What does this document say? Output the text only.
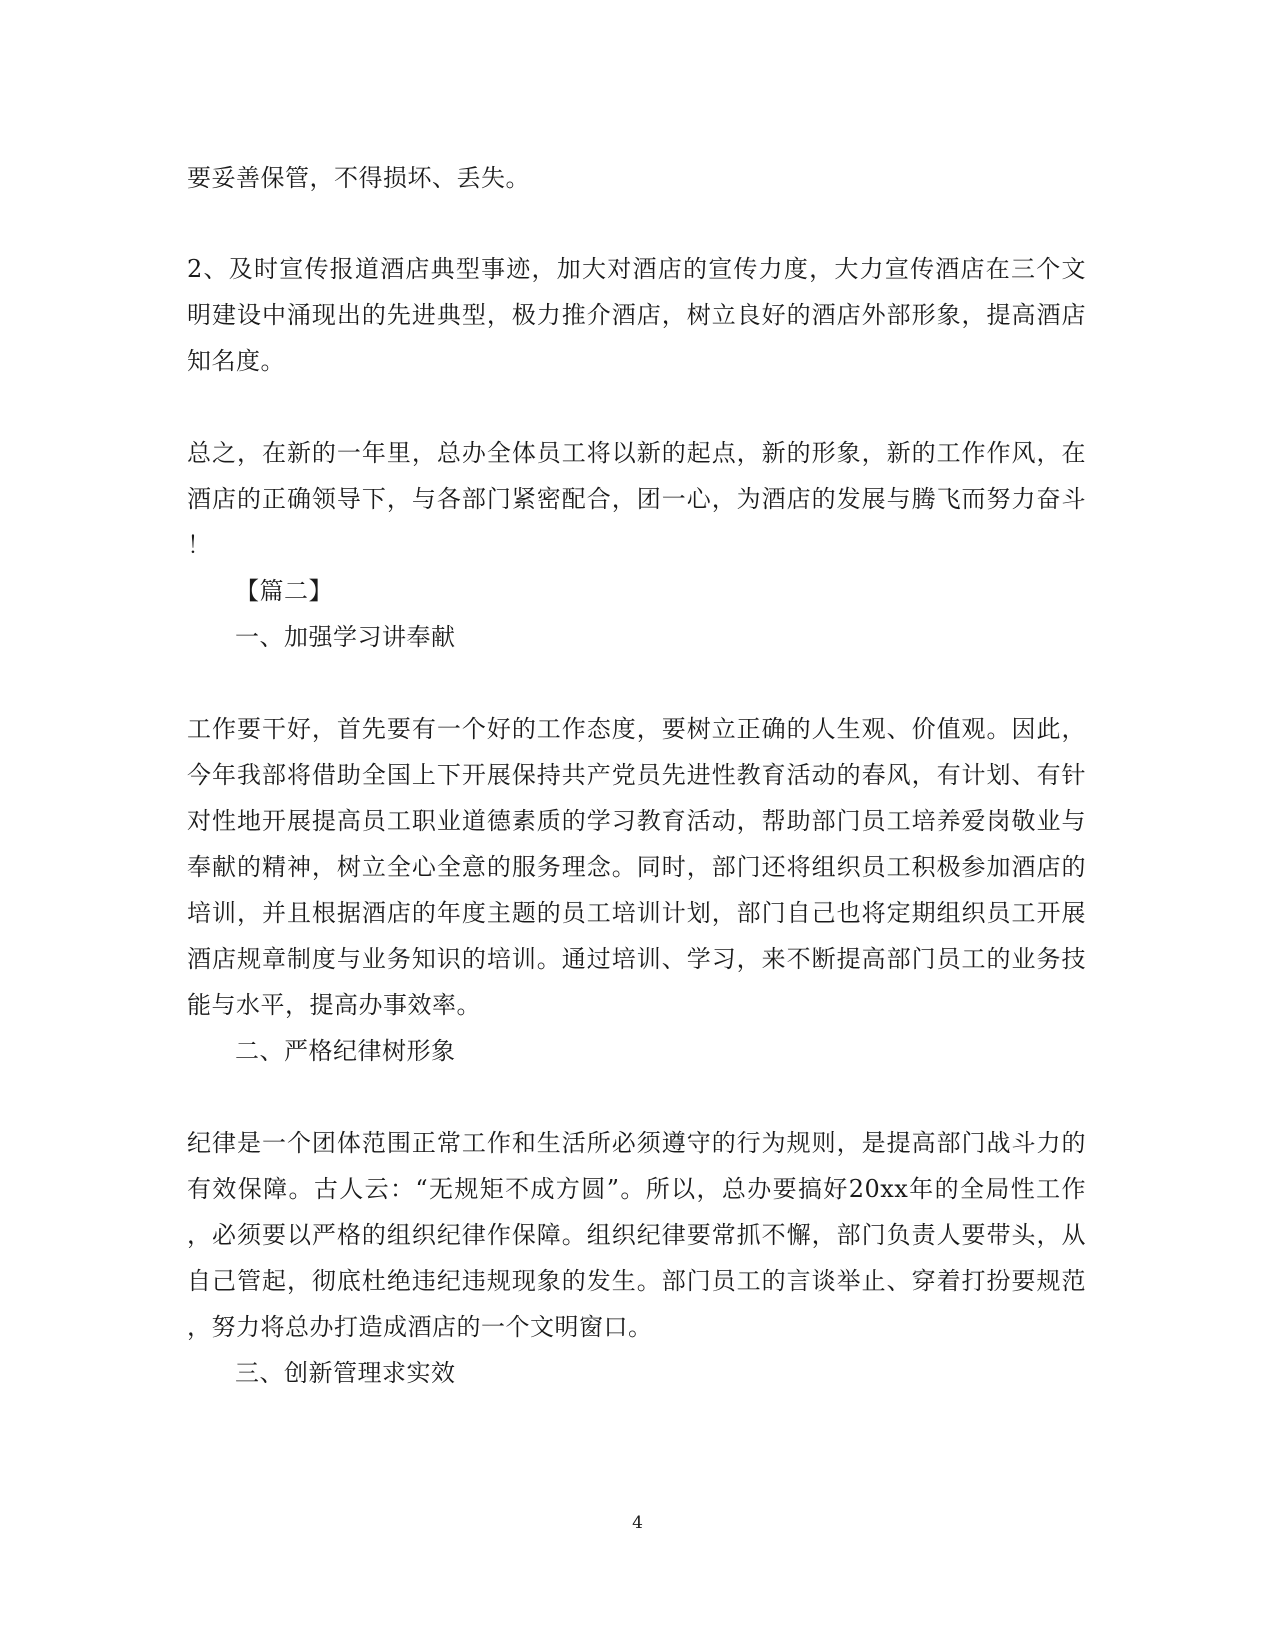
要妥善保管，不得损坏、丢失。
2、及时宣传报道酒店典型事迹，加大对酒店的宣传力度，大力宣传酒店在三个文
明建设中涌现出的先进典型，极力推介酒店，树立良好的酒店外部形象，提高酒店
知名度。
总之，在新的一年里，总办全体员工将以新的起点，新的形象，新的工作作风，在
酒店的正确领导下，与各部门紧密配合，团一心，为酒店的发展与腾飞而努力奋斗
！
【篇二】
一、加强学习讲奉献
工作要干好，首先要有一个好的工作态度，要树立正确的人生观、价值观。因此，
今年我部将借助全国上下开展保持共产党员先进性教育活动的春风，有计划、有针
对性地开展提高员工职业道德素质的学习教育活动，帮助部门员工培养爱岗敬业与
奉献的精神，树立全心全意的服务理念。同时，部门还将组织员工积极参加酒店的
培训，并且根据酒店的年度主题的员工培训计划，部门自己也将定期组织员工开展
酒店规章制度与业务知识的培训。通过培训、学习，来不断提高部门员工的业务技
能与水平，提高办事效率。
二、严格纪律树形象
纪律是一个团体范围正常工作和生活所必须遵守的行为规则，是提高部门战斗力的
有效保障。古人云：“无规矩不成方圆”。所以，总办要搞好20xx年的全局性工作
，必须要以严格的组织纪律作保障。组织纪律要常抓不懈，部门负责人要带头，从
自己管起，彻底杜绝违纪违规现象的发生。部门员工的言谈举止、穿着打扮要规范
，努力将总办打造成酒店的一个文明窗口。
三、创新管理求实效
4
